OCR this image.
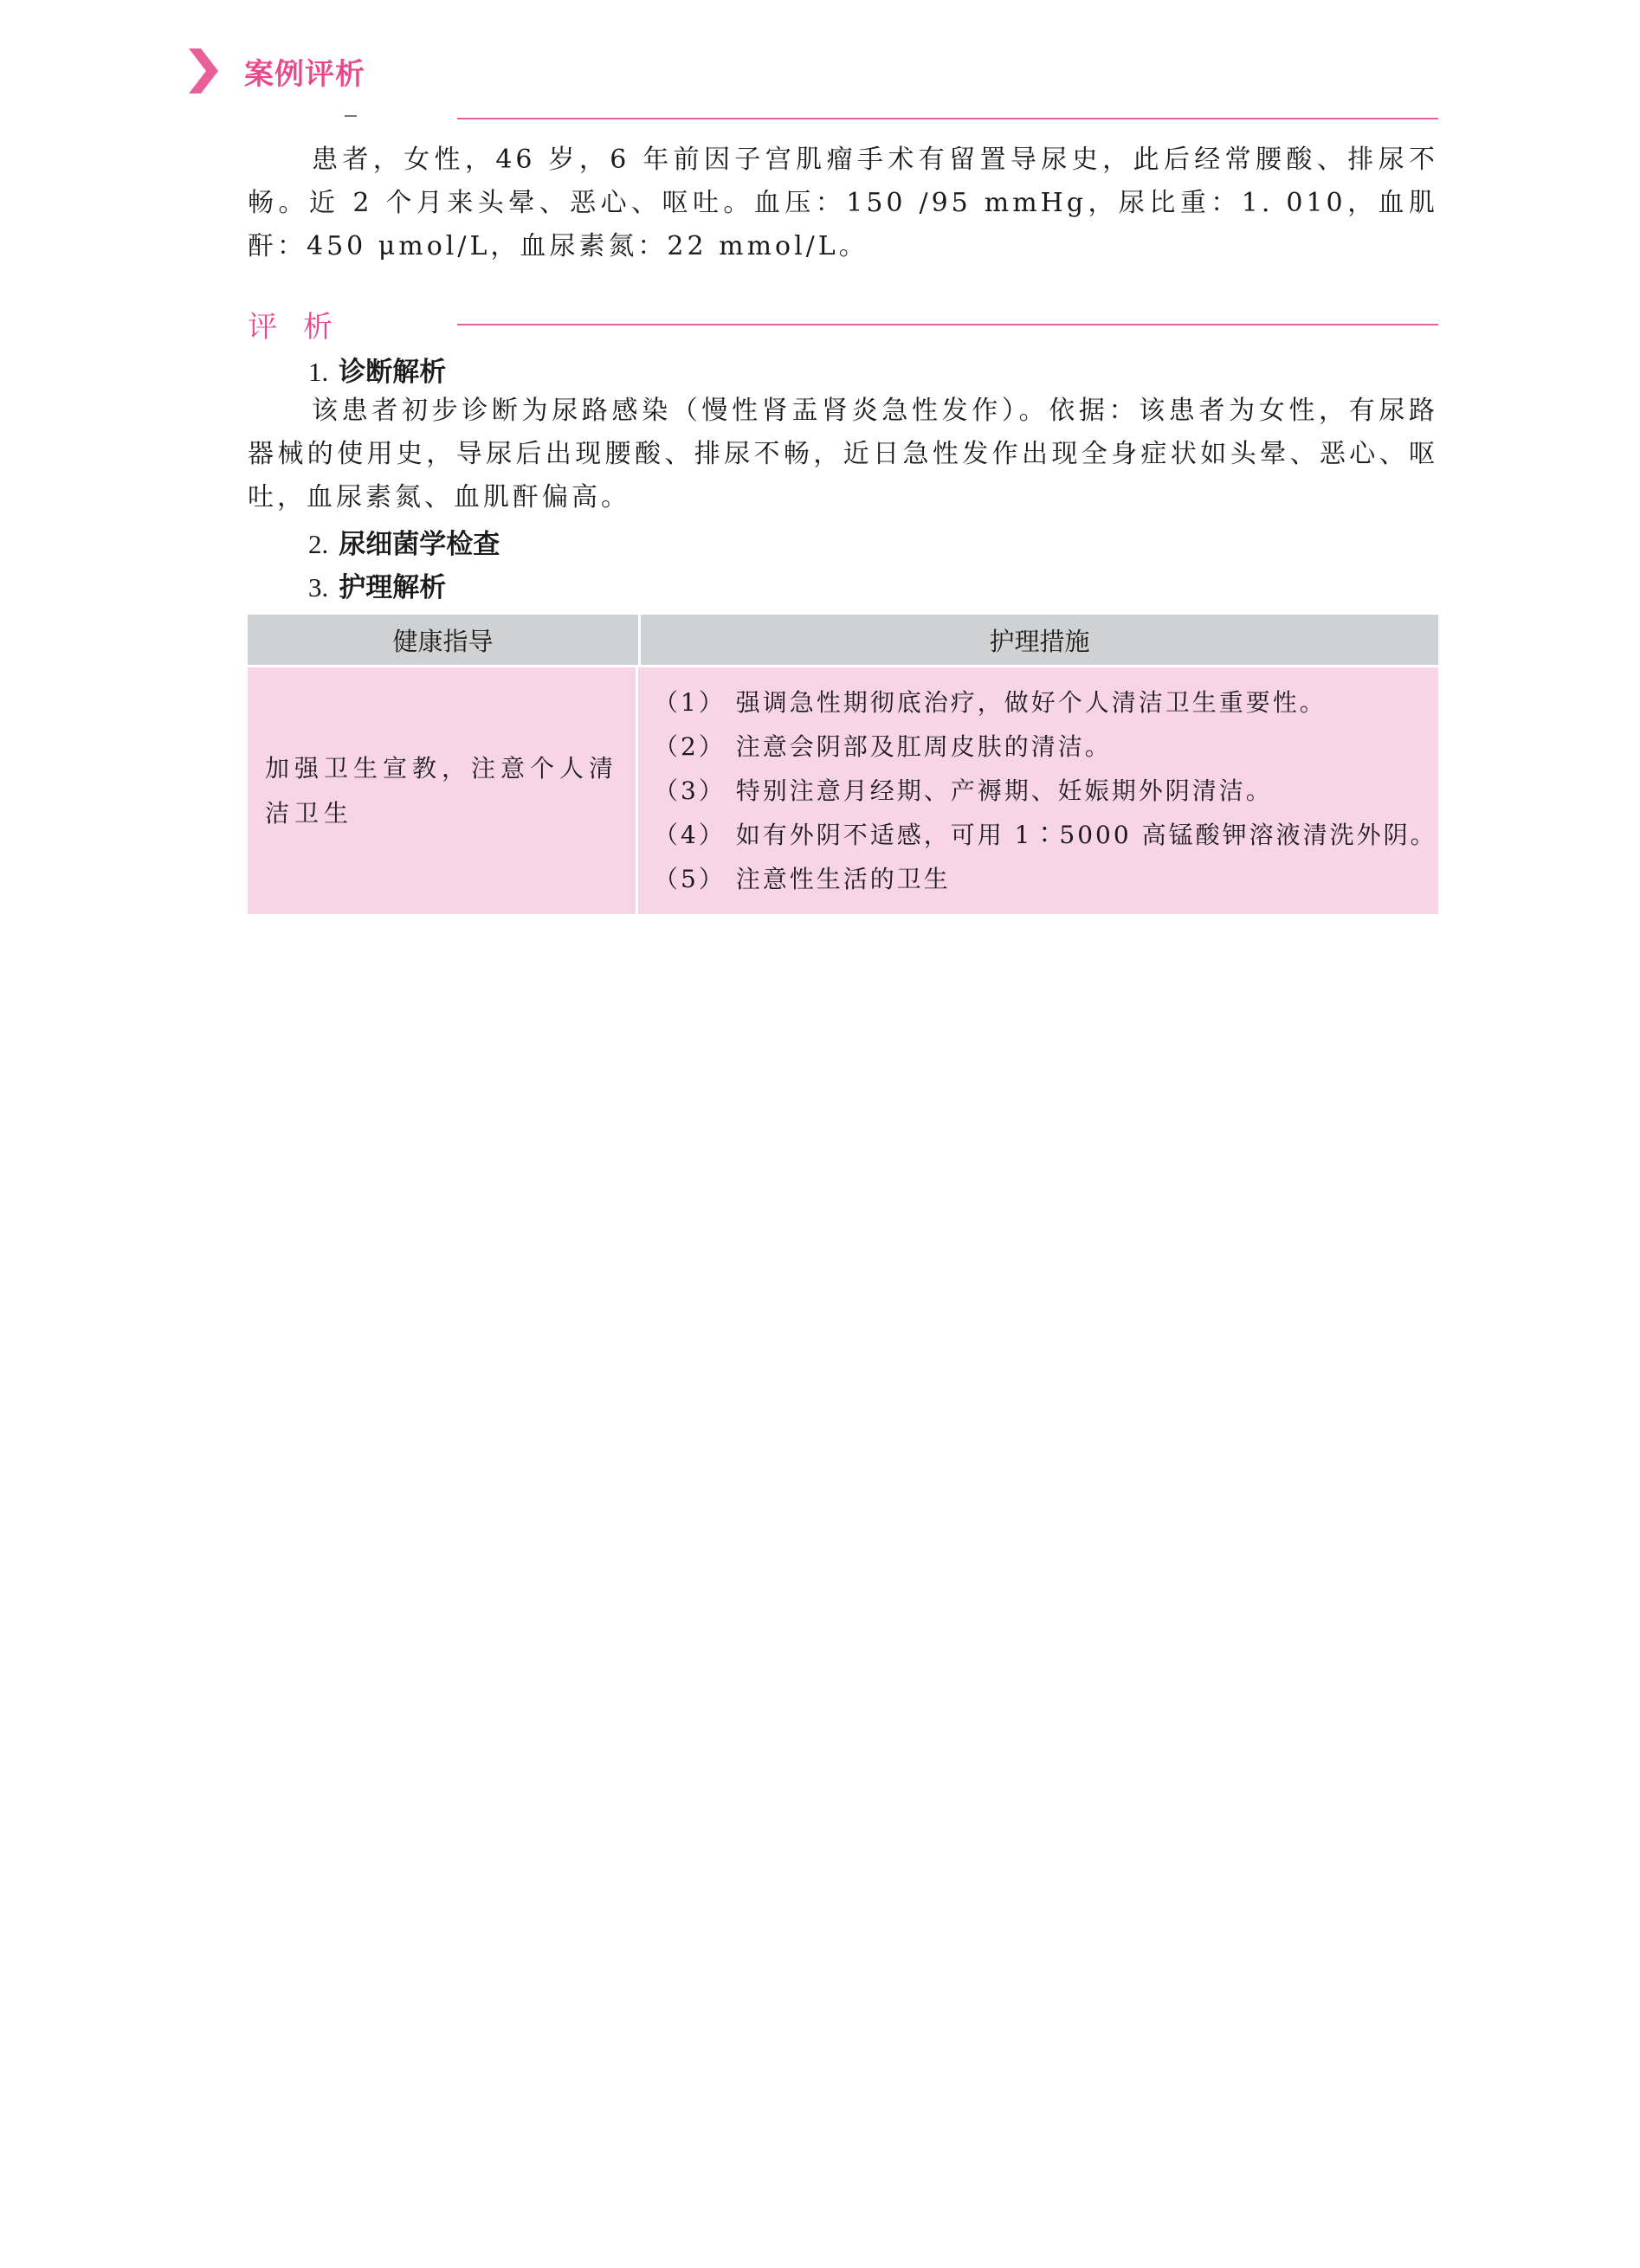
案例评析
患者，女性，46 岁，6 年前因子宫肌瘤手术有留置导尿史，此后经常腰酸、排尿不畅。近 2 个月来头晕、恶心、呕吐。血压：150 /95 mmHg，尿比重：1. 010，血肌酐：450 μmol/L，血尿素氮：22 mmol/L。
评析
1. 诊断解析
该患者初步诊断为尿路感染（慢性肾盂肾炎急性发作）。依据：该患者为女性，有尿路器械的使用史，导尿后出现腰酸、排尿不畅，近日急性发作出现全身症状如头晕、恶心、呕吐，血尿素氮、血肌酐偏高。
2. 尿细菌学检查
3. 护理解析
健康指导	护理措施
加强卫生宣教，注意个人清洁卫生
（1） 强调急性期彻底治疗，做好个人清洁卫生重要性。
（2） 注意会阴部及肛周皮肤的清洁。
（3） 特别注意月经期、产褥期、妊娠期外阴清洁。
（4） 如有外阴不适感，可用 1∶5000 高锰酸钾溶液清洗外阴。
（5） 注意性生活的卫生
